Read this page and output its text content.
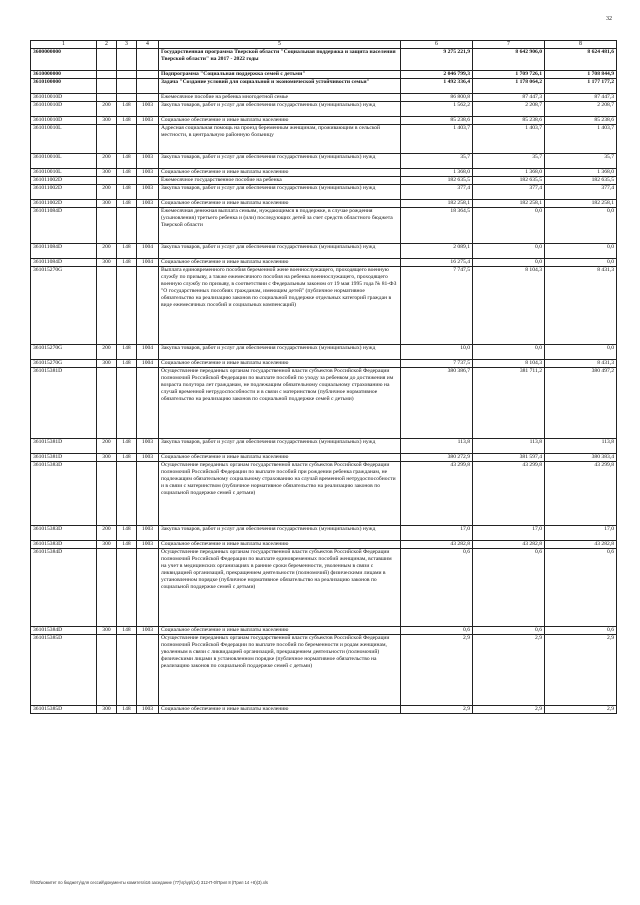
32
1	2	3	4	5	6	7	8
3600000000				Государственная программа Тверской области "Социальная поддержка и защита населения Тверской области" на 2017 - 2022 годы	9 275 221,9	8 642 906,0	8 624 481,6
3610000000				Подпрограмма "Социальная поддержка семей с детьми"	2 046 799,3	1 709 726,1	1 708 844,9
3610100000				Задача "Создание условий для социальной и экономической устойчивости семьи"	1 492 336,4	1 178 064,2	1 177 177,2
361010010D				Ежемесячное пособие на ребенка многодетной семье	86 800,8	87 447,3	87 447,3
361010010D	200	148	1003	Закупка товаров, работ и услуг для обеспечения государственных (муниципальных) нужд	1 562,2	2 208,7	2 208,7
361010010D	300	148	1003	Социальное обеспечение и иные выплаты населению	85 238,6	85 238,6	85 238,6
361010010L				Адресная социальная помощь на проезд беременным женщинам, проживающим в сельской местности, в центральную районную больницу	1 403,7	1 403,7	1 403,7
361010010L	200	148	1003	Закупка товаров, работ и услуг для обеспечения государственных (муниципальных) нужд	35,7	35,7	35,7
361010010L	300	148	1003	Социальное обеспечение и иные выплаты населению	1 368,0	1 368,0	1 368,0
361011002D				Ежемесячное государственное пособие на ребенка	182 635,5	182 635,5	182 635,5
361011002D	200	148	1003	Закупка товаров, работ и услуг для обеспечения государственных (муниципальных) нужд	377,4	377,4	377,4
361011002D	300	148	1003	Социальное обеспечение и иные выплаты населению	182 258,1	182 258,1	182 258,1
361011084D				Ежемесячная денежная выплата семьям, нуждающимся в поддержке, в случае рождения (усыновления) третьего ребенка и (или) последующих детей за счет средств областного бюджета Тверской области	18 364,5	0,0	0,0
361011084D	200	148	1004	Закупка товаров, работ и услуг для обеспечения государственных (муниципальных) нужд	2 089,1	0,0	0,0
361011084D	300	148	1004	Социальное обеспечение и иные выплаты населению	16 275,4	0,0	0,0
361015270G				Выплата единовременного пособия беременной жене военнослужащего, проходящего военную службу по призыву, а также ежемесячного пособия на ребенка военнослужащего, проходящего военную службу по призыву, в соответствии с Федеральным законом от 19 мая 1995 года № 81-ФЗ "О государственных пособиях гражданам, имеющим детей" (публичное нормативное обязательство на реализацию законов по социальной поддержке отдельных категорий граждан в виде ежемесячных пособий и социальных компенсаций)	7 747,5	8 104,3	8 431,3
361015270G	200	148	1004	Закупка товаров, работ и услуг для обеспечения государственных (муниципальных) нужд	10,0	0,0	0,0
361015270G	300	148	1004	Социальное обеспечение и иные выплаты населению	7 737,5	8 104,3	8 431,3
361015381D				Осуществление переданных органам государственной власти субъектов Российской Федерации полномочий Российской Федерации по выплате пособий по уходу за ребенком до достижения им возраста полутора лет гражданам, не подлежащим обязательному социальному страхованию на случай временной нетрудоспособности и в связи с материнством (публичное нормативное обязательство на реализацию законов по социальной поддержке семей с детьми)	380 386,7	381 711,2	380 497,2
361015381D	200	148	1003	Закупка товаров, работ и услуг для обеспечения государственных (муниципальных) нужд	113,8	113,8	113,8
361015381D	300	148	1003	Социальное обеспечение и иные выплаты населению	380 272,9	381 597,4	380 383,4
361015383D				Осуществление переданных органам государственной власти субъектов Российской Федерации полномочий Российской Федерации по выплате пособий при рождении ребенка гражданам, не подлежащим обязательному социальному страхованию на случай временной нетрудоспособности и в связи с материнством (публичное нормативное обязательство на реализацию законов по социальной поддержке семей с детьми)	43 299,8	43 299,8	43 299,8
361015383D	200	148	1003	Закупка товаров, работ и услуг для обеспечения государственных (муниципальных) нужд	17,0	17,0	17,0
361015383D	300	148	1003	Социальное обеспечение и иные выплаты населению	43 282,8	43 282,8	43 282,8
361015384D				Осуществление переданных органам государственной власти субъектов Российской Федерации полномочий Российской Федерации по выплате единовременных пособий женщинам, вставшим на учет в медицинских организациях в ранние сроки беременности, уволенным в связи с ликвидацией организаций, прекращением деятельности (полномочий) физическими лицами в установленном порядке (публичное нормативное обязательство на реализацию законов по социальной поддержке семей с детьми)	0,6	0,6	0,6
361015384D	300	148	1003	Социальное обеспечение и иные выплаты населению	0,6	0,6	0,6
361015385D				Осуществление переданных органам государственной власти субъектов Российской Федерации полномочий Российской Федерации по выплате пособий по беременности и родам женщинам, уволенным в связи с ликвидацией организаций, прекращением деятельности (полномочий) физическими лицами в установленном порядке (публичное нормативное обязательство на реализацию законов по социальной поддержке семей с детьми)	2,9	2,9	2,9
361015385D	300	148	1003	Социальное обеспечение и иные выплаты населению	2,9	2,9	2,9
\\fs02\комитет по бюджету\для сессий\документы комитета\16 заседание (77)\гр\ур\(14) 312-П-0\Прил 8 (Прил 14 +8)(3).xls
